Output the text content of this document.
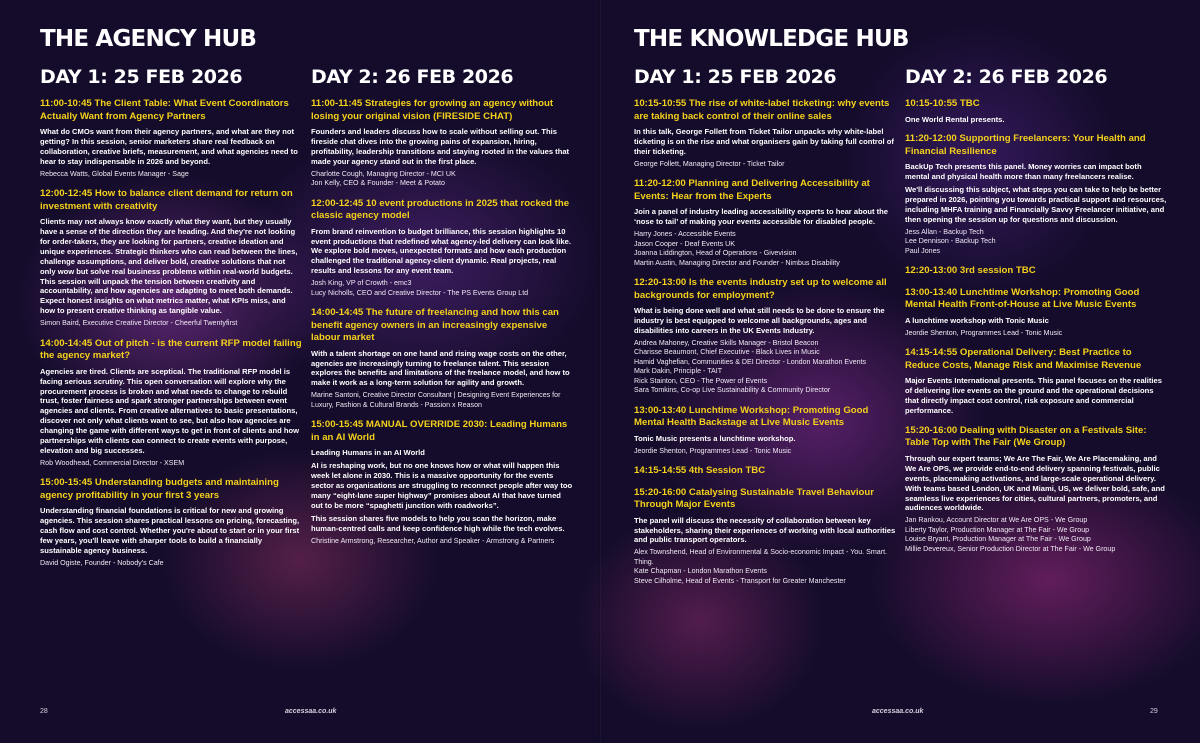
THE AGENCY HUB
DAY 1: 25 FEB 2026
11:00-10:45 The Client Table: What Event Coordinators Actually Want from Agency Partners
What do CMOs want from their agency partners, and what are they not getting? In this session, senior marketers share real feedback on collaboration, creative briefs, measurement, and what agencies need to hear to stay indispensable in 2026 and beyond.
Rebecca Watts, Global Events Manager - Sage
12:00-12:45 How to balance client demand for return on investment with creativity
Clients may not always know exactly what they want, but they usually have a sense of the direction they are heading. And they're not looking for order-takers, they are looking for partners, creative ideation and unique experiences. Strategic thinkers who can read between the lines, challenge assumptions, and deliver bold, creative solutions that not only wow but solve real business problems within real-world budgets. This session will unpack the tension between creativity and accountability, and how agencies are adapting to meet both demands. Expect honest insights on what metrics matter, what KPIs miss, and how to present creative thinking as tangible value.
Simon Baird, Executive Creative Director - Cheerful Twentyfirst
14:00-14:45 Out of pitch - is the current RFP model failing the agency market?
Agencies are tired. Clients are sceptical. The traditional RFP model is facing serious scrutiny. This open conversation will explore why the procurement process is broken and what needs to change to rebuild trust, foster fairness and spark stronger partnerships between event agencies and clients. From creative alternatives to basic presentations, discover not only what clients want to see, but also how agencies are changing the game with different ways to get in front of clients and how partnerships with clients can connect to create events with purpose, elevation and big successes.
Rob Woodhead, Commercial Director - XSEM
15:00-15:45 Understanding budgets and maintaining agency profitability in your first 3 years
Understanding financial foundations is critical for new and growing agencies. This session shares practical lessons on pricing, forecasting, cash flow and cost control. Whether you're about to start or in your first few years, you'll leave with sharper tools to build a financially sustainable agency business.
David Ogiste, Founder - Nobody's Cafe
DAY 2: 26 FEB 2026
11:00-11:45 Strategies for growing an agency without losing your original vision (FIRESIDE CHAT)
Founders and leaders discuss how to scale without selling out. This fireside chat dives into the growing pains of expansion, hiring, profitability, leadership transitions and staying rooted in the values that made your agency stand out in the first place.
Charlotte Cough, Managing Director - MCI UK
Jon Kelly, CEO & Founder - Meet & Potato
12:00-12:45 10 event productions in 2025 that rocked the classic agency model
From brand reinvention to budget brilliance, this session highlights 10 event productions that redefined what agency-led delivery can look like. We explore bold moves, unexpected formats and how each production challenged the traditional agency-client dynamic. Real projects, real results and lessons for any event team.
Josh King, VP of Crowth - emc3
Lucy Nicholls, CEO and Creative Director - The PS Events Group Ltd
14:00-14:45 The future of freelancing and how this can benefit agency owners in an increasingly expensive labour market
With a talent shortage on one hand and rising wage costs on the other, agencies are increasingly turning to freelance talent. This session explores the benefits and limitations of the freelance model, and how to make it work as a long-term solution for agility and growth.
Marine Santoni, Creative Director Consultant | Designing Event Experiences for Luxury, Fashion & Cultural Brands - Passion x Reason
15:00-15:45 MANUAL OVERRIDE 2030: Leading Humans in an AI World
Leading Humans in an AI World
AI is reshaping work, but no one knows how or what will happen this week let alone in 2030. This is a massive opportunity for the events sector as organisations are struggling to reconnect people after way too many “eight-lane super highway” promises about AI that have turned out to be more “spaghetti junction with roadworks”.
This session shares five models to help you scan the horizon, make human-centred calls and keep confidence high while the tech evolves.
Christine Armstrong, Researcher, Author and Speaker - Armstrong & Partners
28	accessaa.co.uk
THE KNOWLEDGE HUB
DAY 1: 25 FEB 2026
10:15-10:55 The rise of white-label ticketing: why events are taking back control of their online sales
In this talk, George Follett from Ticket Tailor unpacks why white-label ticketing is on the rise and what organisers gain by taking full control of their ticketing.
George Follett, Managing Director - Ticket Tailor
11:20-12:00 Planning and Delivering Accessibility at Events: Hear from the Experts
Join a panel of industry leading accessibility experts to hear about the ‘nose to tail’ of making your events accessible for disabled people.
Harry Jones - Accessible Events
Jason Cooper - Deaf Events UK
Joanna Liddington, Head of Operations - Givevision
Martin Austin, Managing Director and Founder - Nimbus Disability
12:20-13:00 Is the events industry set up to welcome all backgrounds for employment?
What is being done well and what still needs to be done to ensure the industry is best equipped to welcome all backgrounds, ages and disabilities into careers in the UK Events Industry.
Andrea Mahoney, Creative Skills Manager - Bristol Beacon
Charisse Beaumont, Chief Executive - Black Lives in Music
Hamid Vaghefian, Communities & DEI Director - London Marathon Events
Mark Dakin, Principle - TAIT
Rick Stainton, CEO - The Power of Events
Sara Tomkins, Co-op Live Sustainability & Community Director
13:00-13:40 Lunchtime Workshop: Promoting Good Mental Health Backstage at Live Music Events
Tonic Music presents a lunchtime workshop.
Jeordie Shenton, Programmes Lead - Tonic Music
14:15-14:55 4th Session TBC
15:20-16:00 Catalysing Sustainable Travel Behaviour Through Major Events
The panel will discuss the necessity of collaboration between key stakeholders, sharing their experiences of working with local authorities and public transport operators.
Alex Townshend, Head of Environmental & Socio-economic Impact - You. Smart. Thing.
Kate Chapman - London Marathon Events
Steve Cilholme, Head of Events - Transport for Greater Manchester
DAY 2: 26 FEB 2026
10:15-10:55 TBC
One World Rental presents.
11:20-12:00 Supporting Freelancers: Your Health and Financial Resilience
BackUp Tech presents this panel. Money worries can impact both mental and physical health more than many freelancers realise.
We'll discussing this subject, what steps you can take to help be better prepared in 2026, pointing you towards practical support and resources, including MHFA training and Financially Savvy Freelancer initiative, and then opening the session up for questions and discussion.
Jess Allan - Backup Tech
Lee Dennison - Backup Tech
Paul Jones
12:20-13:00 3rd session TBC
13:00-13:40 Lunchtime Workshop: Promoting Good Mental Health Front-of-House at Live Music Events
A lunchtime workshop with Tonic Music
Jeordie Shenton, Programmes Lead - Tonic Music
14:15-14:55 Operational Delivery: Best Practice to Reduce Costs, Manage Risk and Maximise Revenue
Major Events International presents. This panel focuses on the realities of delivering live events on the ground and the operational decisions that directly impact cost control, risk exposure and commercial performance.
15:20-16:00 Dealing with Disaster on a Festivals Site: Table Top with The Fair (We Group)
Through our expert teams; We Are The Fair, We Are Placemaking, and We Are OPS, we provide end-to-end delivery spanning festivals, public events, placemaking activations, and large-scale operational delivery. With teams based London, UK and Miami, US, we deliver bold, safe, and seamless live experiences for cities, cultural partners, promoters, and audiences worldwide.
Jan Rankou, Account Director at We Are OPS - We Group
Liberty Taylor, Production Manager at The Fair - We Group
Louise Bryant, Production Manager at The Fair - We Group
Millie Devereux, Senior Production Director at The Fair - We Group
accessaa.co.uk	29
